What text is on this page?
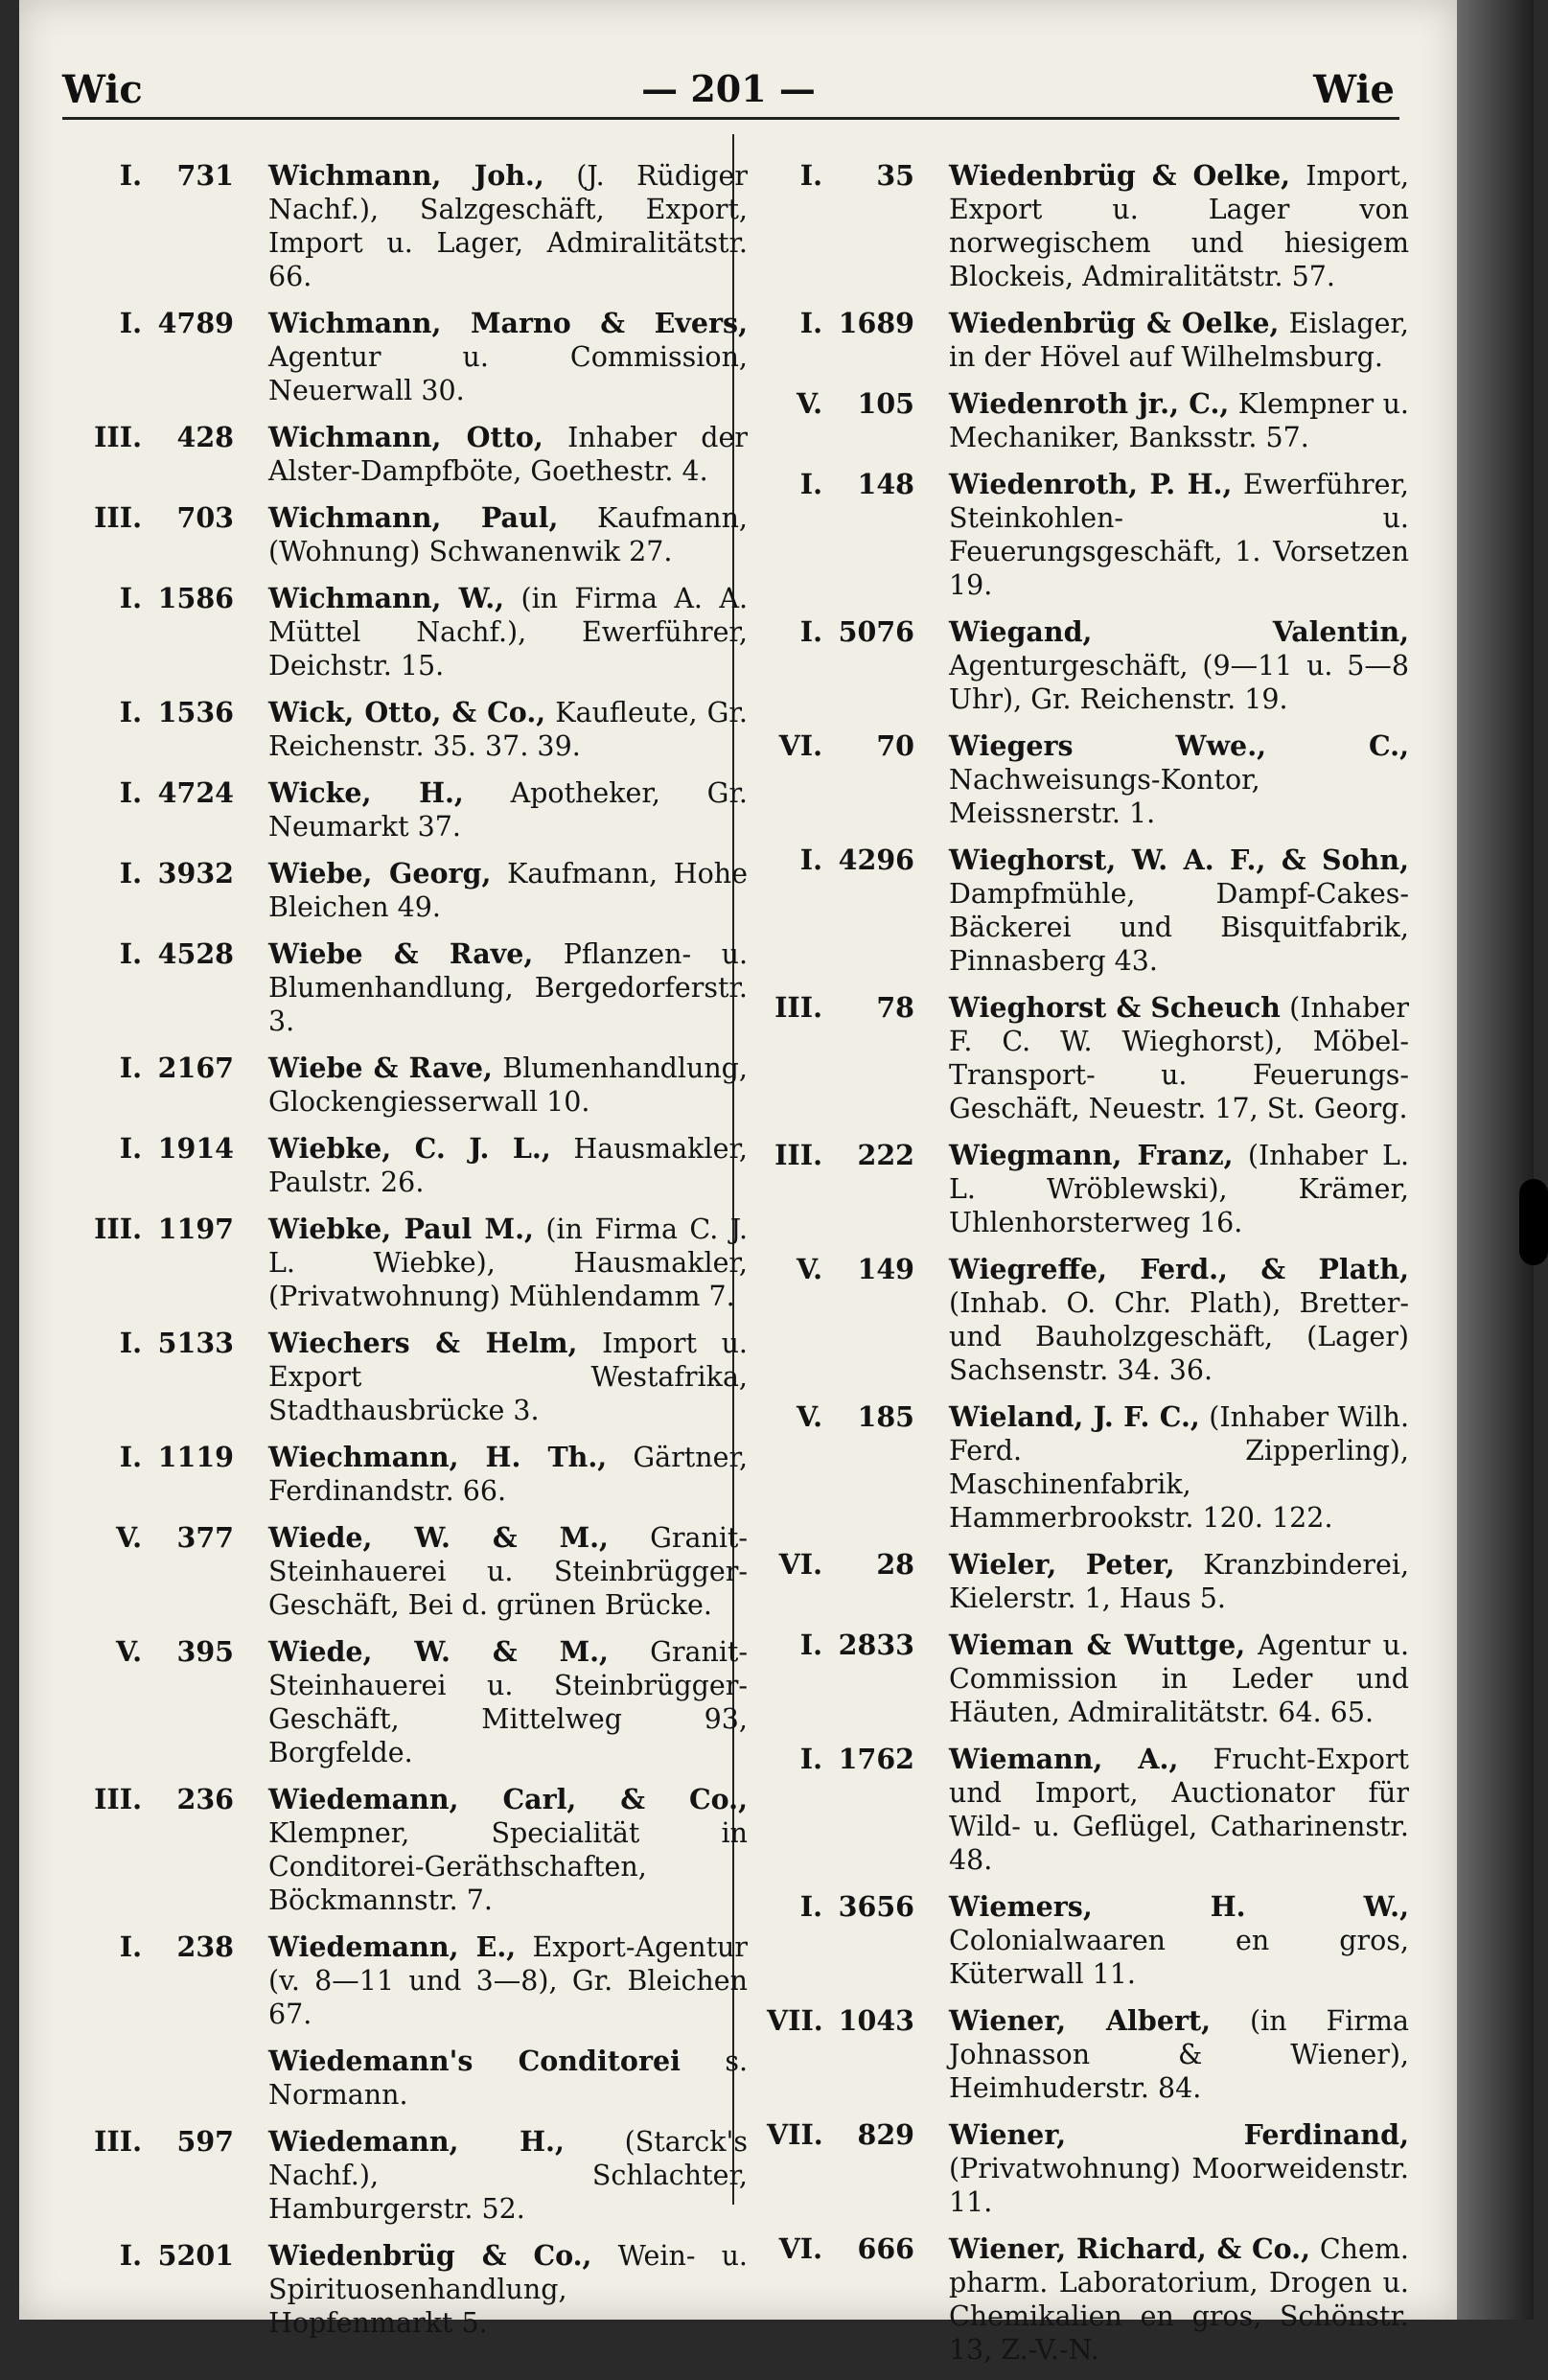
Wic	— 201 —	Wie
I. 731 Wichmann, Joh., (J. Rüdiger Nachf.), Salzgeschäft, Export, Import u. Lager, Admiralitätstr. 66.
I. 4789 Wichmann, Marno & Evers, Agentur u. Commission, Neuerwall 30.
III. 428 Wichmann, Otto, Inhaber der Alster-Dampfböte, Goethestr. 4.
III. 703 Wichmann, Paul, Kaufmann, (Wohnung) Schwanenwik 27.
I. 1586 Wichmann, W., (in Firma A. A. Müttel Nachf.), Ewerführer, Deichstr. 15.
I. 1536 Wick, Otto, & Co., Kaufleute, Gr. Reichenstr. 35. 37. 39.
I. 4724 Wicke, H., Apotheker, Gr. Neumarkt 37.
I. 3932 Wiebe, Georg, Kaufmann, Hohe Bleichen 49.
I. 4528 Wiebe & Rave, Pflanzen- u. Blumenhandlung, Bergedorferstr. 3.
I. 2167 Wiebe & Rave, Blumenhandlung, Glockengiesserwall 10.
I. 1914 Wiebke, C. J. L., Hausmakler, Paulstr. 26.
III. 1197 Wiebke, Paul M., (in Firma C. J. L. Wiebke), Hausmakler, (Privatwohnung) Mühlendamm 7.
I. 5133 Wiechers & Helm, Import u. Export Westafrika, Stadthausbrücke 3.
I. 1119 Wiechmann, H. Th., Gärtner, Ferdinandstr. 66.
V. 377 Wiede, W. & M., Granit-Steinhauerei u. Steinbrügger-Geschäft, Bei d. grünen Brücke.
V. 395 Wiede, W. & M., Granit-Steinhauerei u. Steinbrügger-Geschäft, Mittelweg 93, Borgfelde.
III. 236 Wiedemann, Carl, & Co., Klempner, Specialität in Conditorei-Geräthschaften, Böckmannstr. 7.
I. 238 Wiedemann, E., Export-Agentur (v. 8—11 und 3—8), Gr. Bleichen 67.
Wiedemann's Conditorei s. Normann.
III. 597 Wiedemann, H., (Starck's Nachf.), Schlachter, Hamburgerstr. 52.
I. 5201 Wiedenbrüg & Co., Wein- u. Spirituosenhandlung, Hopfenmarkt 5.
I. 35 Wiedenbrüg & Oelke, Import, Export u. Lager von norwegischem und hiesigem Blockeis, Admiralitätstr. 57.
I. 1689 Wiedenbrüg & Oelke, Eislager, in der Hövel auf Wilhelmsburg.
V. 105 Wiedenroth jr., C., Klempner u. Mechaniker, Banksstr. 57.
I. 148 Wiedenroth, P. H., Ewerführer, Steinkohlen- u. Feuerungsgeschäft, 1. Vorsetzen 19.
I. 5076 Wiegand, Valentin, Agenturgeschäft, (9—11 u. 5—8 Uhr), Gr. Reichenstr. 19.
VI. 70 Wiegers Wwe., C., Nachweisungs-Kontor, Meissnerstr. 1.
I. 4296 Wieghorst, W. A. F., & Sohn, Dampfmühle, Dampf-Cakes-Bäckerei und Bisquitfabrik, Pinnasberg 43.
III. 78 Wieghorst & Scheuch (Inhaber F. C. W. Wieghorst), Möbel-Transport- u. Feuerungs-Geschäft, Neuestr. 17, St. Georg.
III. 222 Wiegmann, Franz, (Inhaber L. L. Wröblewski), Krämer, Uhlenhorsterweg 16.
V. 149 Wiegreffe, Ferd., & Plath, (Inhab. O. Chr. Plath), Bretter- und Bauholzgeschäft, (Lager) Sachsenstr. 34. 36.
V. 185 Wieland, J. F. C., (Inhaber Wilh. Ferd. Zipperling), Maschinenfabrik, Hammerbrookstr. 120. 122.
VI. 28 Wieler, Peter, Kranzbinderei, Kielerstr. 1, Haus 5.
I. 2833 Wieman & Wuttge, Agentur u. Commission in Leder und Häuten, Admiralitätstr. 64. 65.
I. 1762 Wiemann, A., Frucht-Export und Import, Auctionator für Wild- u. Geflügel, Catharinenstr. 48.
I. 3656 Wiemers, H. W., Colonialwaaren en gros, Küterwall 11.
VII. 1043 Wiener, Albert, (in Firma Johnasson & Wiener), Heimhuderstr. 84.
VII. 829 Wiener, Ferdinand, (Privatwohnung) Moorweidenstr. 11.
VI. 666 Wiener, Richard, & Co., Chem. pharm. Laboratorium, Drogen u. Chemikalien en gros, Schönstr. 13, Z.-V.-N.
